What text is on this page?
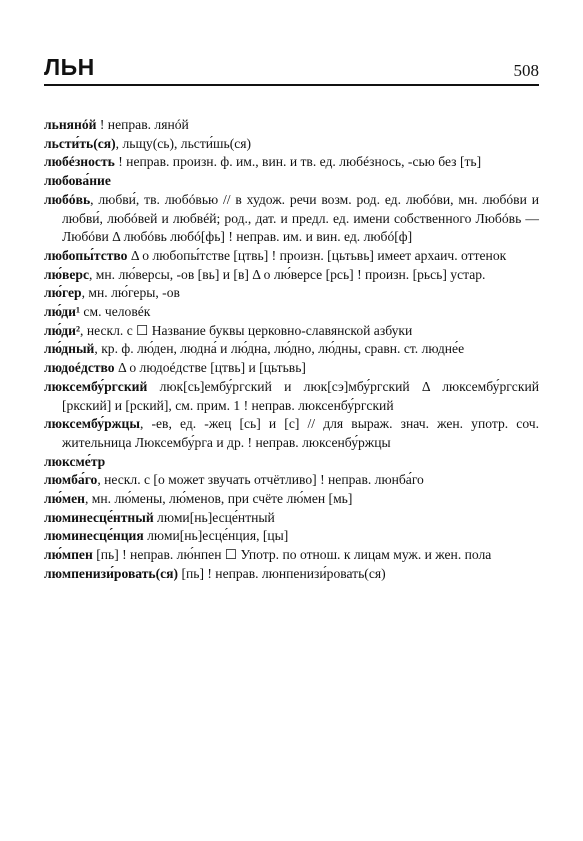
ЛЬН	508
льнянóй ! неправ. лянóй
льсти́ть(ся), льщу(сь), льсти́шь(ся)
любéзность ! неправ. произн. ф. им., вин. и тв. ед. любéзнось, -сью без [ть]
любова́ние
любóвь, любви́, тв. любóвью // в худож. речи возм. род. ед. любóви, мн. любóви и любви́, любóвей и любвéй; род., дат. и предл. ед. имени собственного Любóвь — Любóви Δ любóвь любó[фь] ! неправ. им. и вин. ед. любó[ф]
любопы́тство Δ о любопы́тстве [цтвь] ! произн. [цьтьвь] имеет архаич. оттенок
лю́верс, мн. лю́версы, -ов [вь] и [в] Δ о лю́версе [рсь] ! произн. [рьсь] устар.
лю́гер, мн. лю́геры, -ов
лю́ди¹ см. человéк
лю́ди², нескл. с ☐ Название буквы церковно-славянской азбуки
лю́дный, кр. ф. лю́ден, людна́ и лю́дна, лю́дно, лю́дны, сравн. ст. людне́е
людоéдство Δ о людоéдстве [цтвь] и [цьтьвь]
люксембу́ргский люк[сь]ембу́ргский и люк[сэ]мбу́ргский Δ люксембу́ргский [ркский] и [рский], см. прим. 1 ! неправ. люксенбу́ргский
люксембу́ржцы, -ев, ед. -жец [сь] и [с] // для выраж. знач. жен. употр. соч. жительница Люксембу́рга и др. ! неправ. люксенбу́ржцы
люксме́тр
люмба́го, нескл. с [о может звучать отчётливо] ! неправ. люнба́го
лю́мен, мн. лю́мены, лю́менов, при счёте лю́мен [мь]
люминесце́нтный люми[нь]есце́нтный
люминесце́нция люми[нь]есце́нция, [цы]
лю́мпен [пь] ! неправ. лю́нпен ☐ Употр. по отнош. к лицам муж. и жен. пола
люмпенизи́ровать(ся) [пь] ! неправ. люнпенизи́ровать(ся)
